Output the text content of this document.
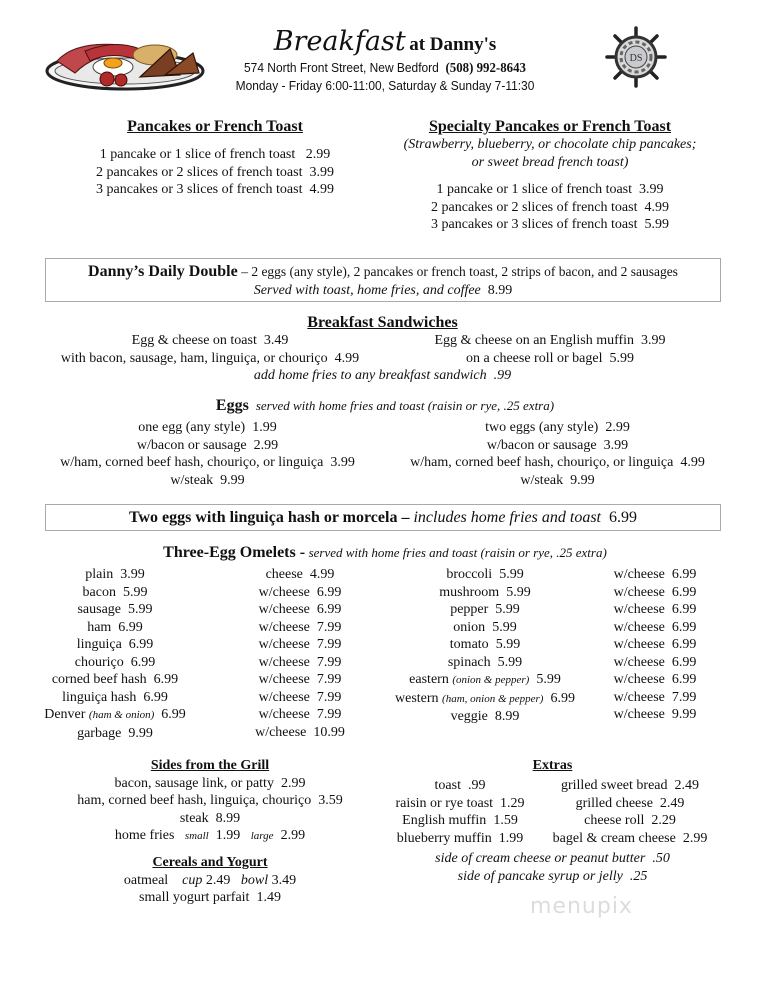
Breakfast at Danny's
574 North Front Street, New Bedford (508) 992-8643
Monday - Friday 6:00-11:00, Saturday & Sunday 7-11:30
DS
Pancakes or French Toast
1 pancake or 1 slice of french toast 2.99
2 pancakes or 2 slices of french toast 3.99
3 pancakes or 3 slices of french toast 4.99
Specialty Pancakes or French Toast
(Strawberry, blueberry, or chocolate chip pancakes;
or sweet bread french toast)
1 pancake or 1 slice of french toast 3.99
2 pancakes or 2 slices of french toast 4.99
3 pancakes or 3 slices of french toast 5.99
Danny’s Daily Double – 2 eggs (any style), 2 pancakes or french toast, 2 strips of bacon, and 2 sausages
Served with toast, home fries, and coffee 8.99
Breakfast Sandwiches
Egg & cheese on toast 3.49
with bacon, sausage, ham, linguiça, or chouriço 4.99
Egg & cheese on an English muffin 3.99
on a cheese roll or bagel 5.99
add home fries to any breakfast sandwich .99
Eggs served with home fries and toast (raisin or rye, .25 extra)
one egg (any style) 1.99
w/bacon or sausage 2.99
w/ham, corned beef hash, chouriço, or linguiça 3.99
w/steak 9.99
two eggs (any style) 2.99
w/bacon or sausage 3.99
w/ham, corned beef hash, chouriço, or linguiça 4.99
w/steak 9.99
Two eggs with linguiça hash or morcela – includes home fries and toast 6.99
Three-Egg Omelets - served with home fries and toast (raisin or rye, .25 extra)
plain 3.99
bacon 5.99
sausage 5.99
ham 6.99
linguiça 6.99
chouriço 6.99
corned beef hash 6.99
linguiça hash 6.99
Denver (ham & onion) 6.99
garbage 9.99
cheese 4.99
w/cheese 6.99
w/cheese 6.99
w/cheese 7.99
w/cheese 7.99
w/cheese 7.99
w/cheese 7.99
w/cheese 7.99
w/cheese 7.99
w/cheese 10.99
broccoli 5.99
mushroom 5.99
pepper 5.99
onion 5.99
tomato 5.99
spinach 5.99
eastern (onion & pepper) 5.99
western (ham, onion & pepper) 6.99
veggie 8.99
w/cheese 6.99
w/cheese 6.99
w/cheese 6.99
w/cheese 6.99
w/cheese 6.99
w/cheese 6.99
w/cheese 6.99
w/cheese 7.99
w/cheese 9.99
Sides from the Grill
bacon, sausage link, or patty 2.99
ham, corned beef hash, linguiça, chouriço 3.59
steak 8.99
home fries small 1.99 large 2.99
Cereals and Yogurt
oatmeal cup 2.49 bowl 3.49
small yogurt parfait 1.49
Extras
toast .99
raisin or rye toast 1.29
English muffin 1.59
blueberry muffin 1.99
grilled sweet bread 2.49
grilled cheese 2.49
cheese roll 2.29
bagel & cream cheese 2.99
side of cream cheese or peanut butter .50
side of pancake syrup or jelly .25
menupix
